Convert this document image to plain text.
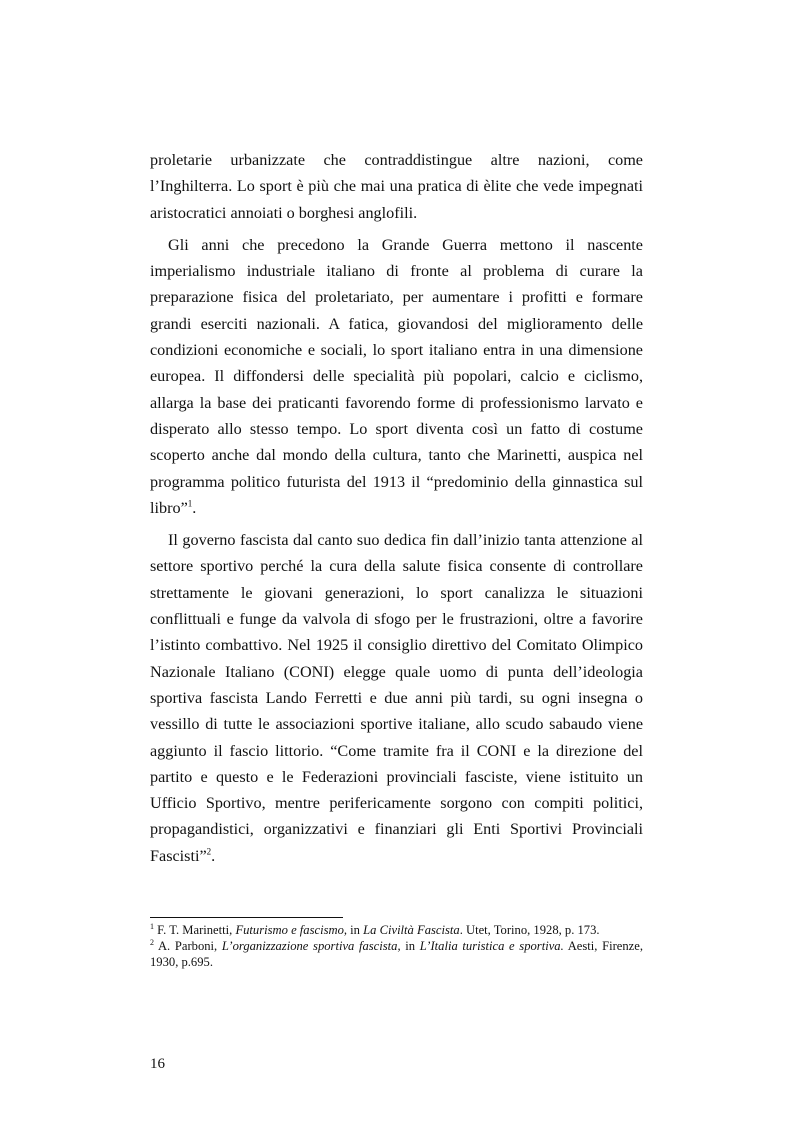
proletarie urbanizzate che contraddistingue altre nazioni, come l’Inghilterra. Lo sport è più che mai una pratica di èlite che vede impegnati aristocratici annoiati o borghesi anglofili.

Gli anni che precedono la Grande Guerra mettono il nascente imperialismo industriale italiano di fronte al problema di curare la preparazione fisica del proletariato, per aumentare i profitti e formare grandi eserciti nazionali. A fatica, giovandosi del miglioramento delle condizioni economiche e sociali, lo sport italiano entra in una dimensione europea. Il diffondersi delle specialità più popolari, calcio e ciclismo, allarga la base dei praticanti favorendo forme di professionismo larvato e disperato allo stesso tempo. Lo sport diventa così un fatto di costume scoperto anche dal mondo della cultura, tanto che Marinetti, auspica nel programma politico futurista del 1913 il “predominio della ginnastica sul libro”$^1$.

Il governo fascista dal canto suo dedica fin dall’inizio tanta attenzione al settore sportivo perché la cura della salute fisica consente di controllare strettamente le giovani generazioni, lo sport canalizza le situazioni conflittuali e funge da valvola di sfogo per le frustrazioni, oltre a favorire l’istinto combattivo. Nel 1925 il consiglio direttivo del Comitato Olimpico Nazionale Italiano (CONI) elegge quale uomo di punta dell’ideologia sportiva fascista Lando Ferretti e due anni più tardi, su ogni insegna o vessillo di tutte le associazioni sportive italiane, allo scudo sabaudo viene aggiunto il fascio littorio. “Come tramite fra il CONI e la direzione del partito e questo e le Federazioni provinciali fasciste, viene istituito un Ufficio Sportivo, mentre perifericamente sorgono con compiti politici, propagandistici, organizzativi e finanziari gli Enti Sportivi Provinciali Fascisti”$^2$.

$^1$ F. T. Marinetti, Futurismo e fascismo, in La Civiltà Fascista. Utet, Torino, 1928, p. 173.

$^2$ A. Parboni, L’organizzazione sportiva fascista, in L’Italia turistica e sportiva. Aesti, Firenze, 1930, p.695.

16
